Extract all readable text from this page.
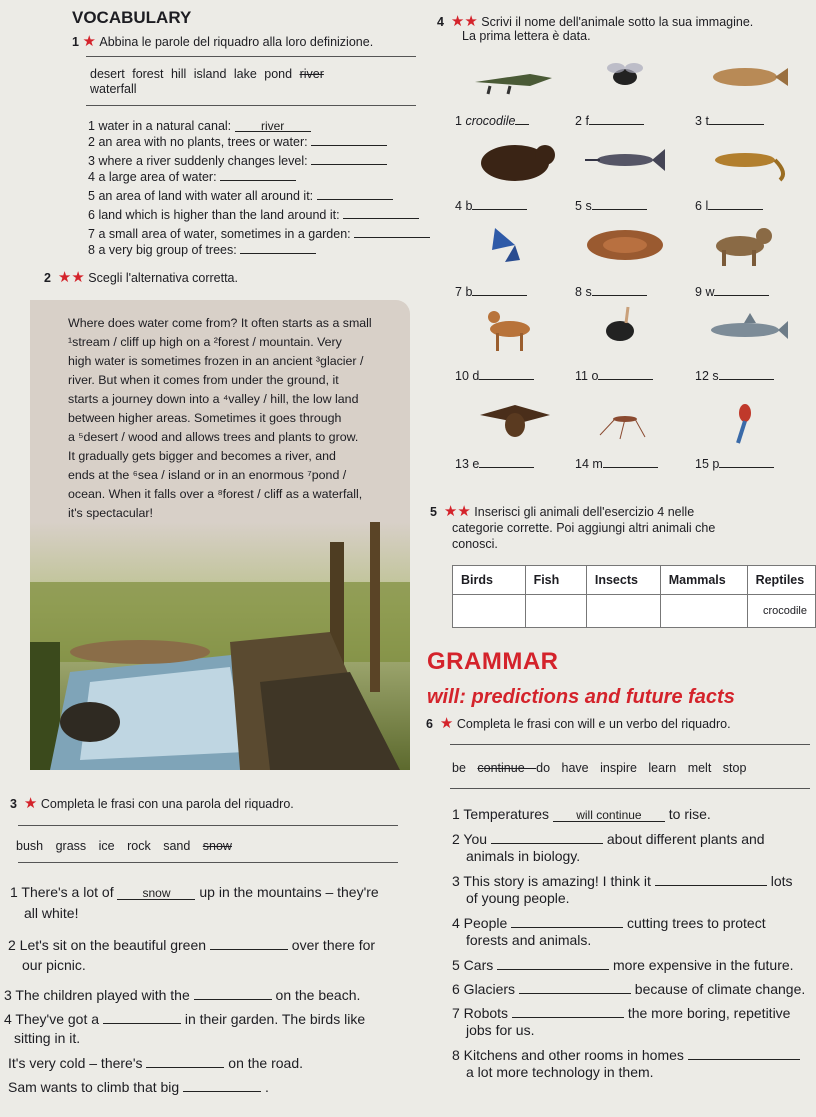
VOCABULARY
1 ★ Abbina le parole del riquadro alla loro definizione.
desert forest hill island lake pond river
waterfall
1 water in a natural canal: river
2 an area with no plants, trees or water:
3 where a river suddenly changes level:
4 a large area of water:
5 an area of land with water all around it:
6 land which is higher than the land around it:
7 a small area of water, sometimes in a garden:
8 a very big group of trees:
2 ★★ Scegli l'alternativa corretta.
Where does water come from? It often starts as a small
¹stream / cliff up high on a ²forest / mountain. Very
high water is sometimes frozen in an ancient ³glacier /
river. But when it comes from under the ground, it
starts a journey down into a ⁴valley / hill, the low land
between higher areas. Sometimes it goes through
a ⁵desert / wood and allows trees and plants to grow.
It gradually gets bigger and becomes a river, and
ends at the ⁶sea / island or in an enormous ⁷pond /
ocean. When it falls over a ⁸forest / cliff as a waterfall,
it's spectacular!
3 ★ Completa le frasi con una parola del riquadro.
bush grass ice rock sand snow
1 There's a lot of snow up in the mountains – they're
all white!
2 Let's sit on the beautiful green	over there for
our picnic.
3 The children played with the	on the beach.
4 They've got a	in their garden. The birds like
sitting in it.
It's very cold – there's	on the road.
Sam wants to climb that big	.
4 ★★ Scrivi il nome dell'animale sotto la sua immagine.
La prima lettera è data.
1 crocodile	2 f	3 t
4 b	5 s	6 l
7 b	8 s	9 w
10 d	11 o	12 s
13 e	14 m	15 p
5 ★★ Inserisci gli animali dell'esercizio 4 nelle
categorie corrette. Poi aggiungi altri animali che
conosci.
Birds	Fish	Insects	Mammals	Reptiles
				crocodile
GRAMMAR
will: predictions and future facts
6 ★ Completa le frasi con will e un verbo del riquadro.
be continue do have inspire learn melt stop
1 Temperatures will continue to rise.
2 You	about different plants and
animals in biology.
3 This story is amazing! I think it	lots
of young people.
4 People	cutting trees to protect
forests and animals.
5 Cars	more expensive in the future.
6 Glaciers	because of climate change.
7 Robots	the more boring, repetitive
jobs for us.
8 Kitchens and other rooms in homes
a lot more technology in them.
